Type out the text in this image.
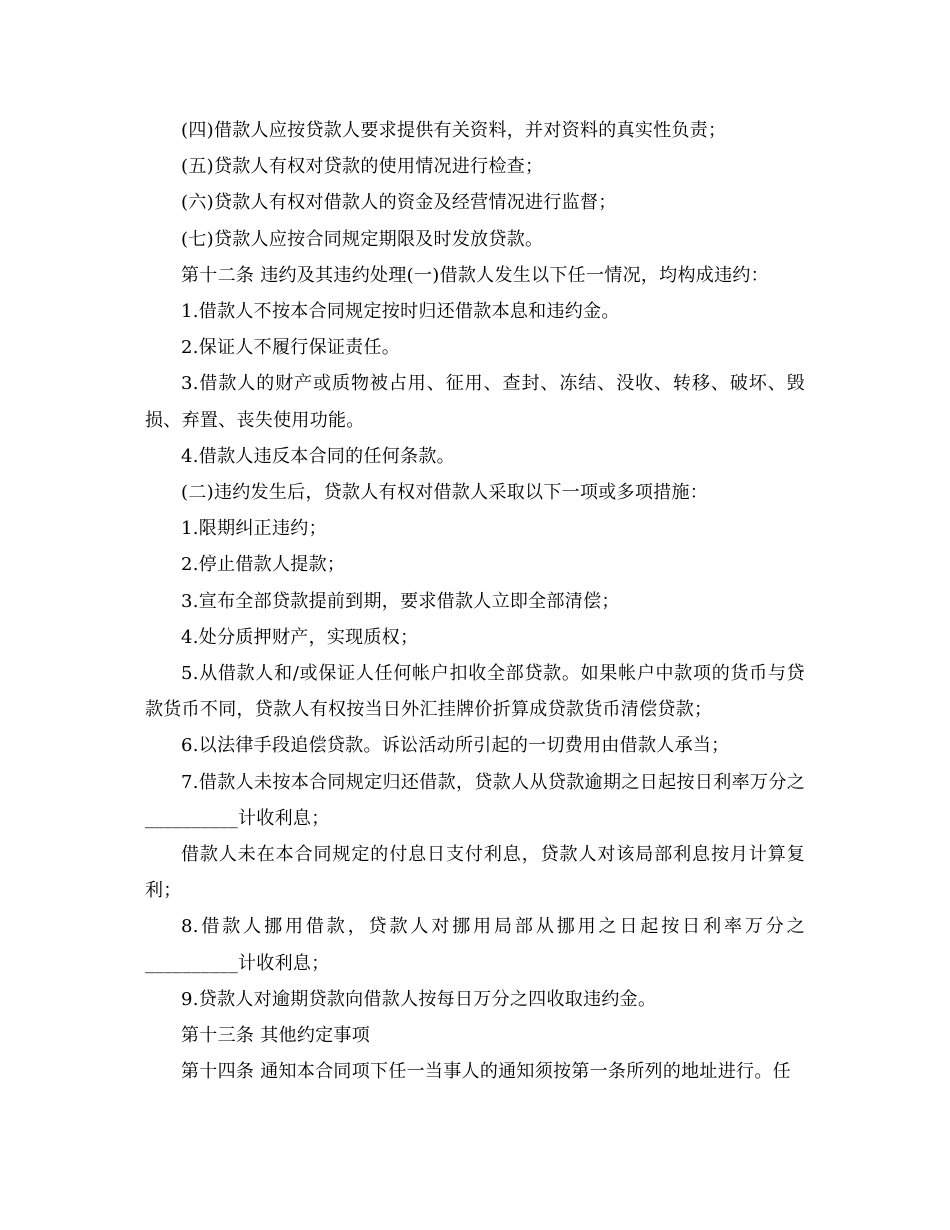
(四)借款人应按贷款人要求提供有关资料，并对资料的真实性负责；

(五)贷款人有权对贷款的使用情况进行检查；

(六)贷款人有权对借款人的资金及经营情况进行监督；

(七)贷款人应按合同规定期限及时发放贷款。

第十二条 违约及其违约处理(一)借款人发生以下任一情况，均构成违约：

1.借款人不按本合同规定按时归还借款本息和违约金。

2.保证人不履行保证责任。

3.借款人的财产或质物被占用、征用、查封、冻结、没收、转移、破坏、毁损、弃置、丧失使用功能。

4.借款人违反本合同的任何条款。

(二)违约发生后，贷款人有权对借款人采取以下一项或多项措施：

1.限期纠正违约；

2.停止借款人提款；

3.宣布全部贷款提前到期，要求借款人立即全部清偿；

4.处分质押财产，实现质权；

5.从借款人和/或保证人任何帐户扣收全部贷款。如果帐户中款项的货币与贷款货币不同，贷款人有权按当日外汇挂牌价折算成贷款货币清偿贷款；

6.以法律手段追偿贷款。诉讼活动所引起的一切费用由借款人承当；

7.借款人未按本合同规定归还借款，贷款人从贷款逾期之日起按日利率万分之__________计收利息；

借款人未在本合同规定的付息日支付利息，贷款人对该局部利息按月计算复利；

8.借款人挪用借款，贷款人对挪用局部从挪用之日起按日利率万分之__________计收利息；

9.贷款人对逾期贷款向借款人按每日万分之四收取违约金。

第十三条 其他约定事项

第十四条 通知本合同项下任一当事人的通知须按第一条所列的地址进行。任
